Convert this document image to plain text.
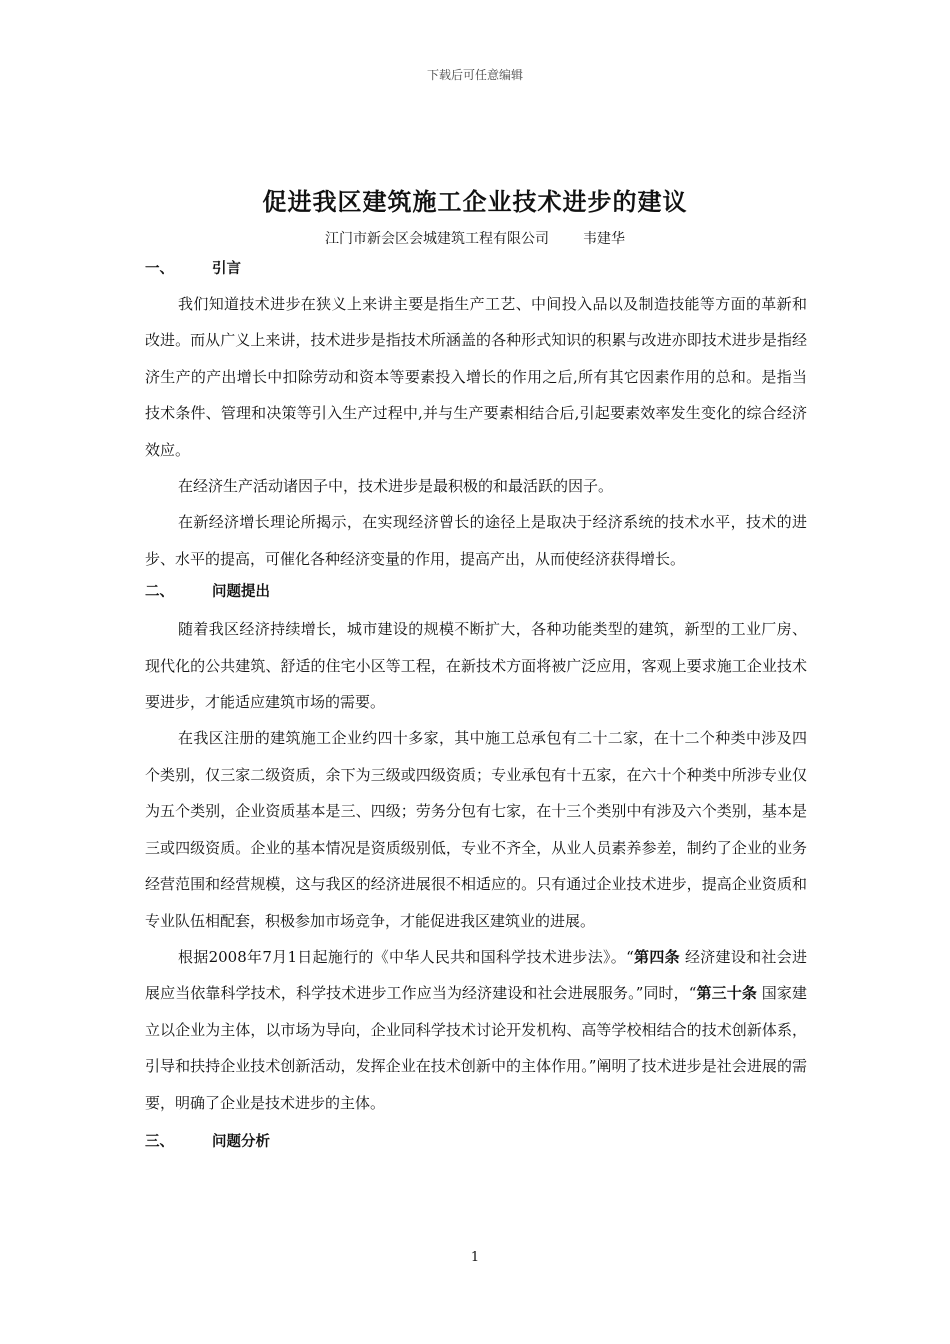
下载后可任意编辑
促进我区建筑施工企业技术进步的建议
江门市新会区会城建筑工程有限公司 韦建华

一、	引言

我们知道技术进步在狭义上来讲主要是指生产工艺、中间投入品以及制造技能等方面的革新和改进。而从广义上来讲，技术进步是指技术所涵盖的各种形式知识的积累与改进亦即技术进步是指经济生产的产出增长中扣除劳动和资本等要素投入增长的作用之后,所有其它因素作用的总和。是指当技术条件、管理和决策等引入生产过程中,并与生产要素相结合后,引起要素效率发生变化的综合经济效应。

在经济生产活动诸因子中，技术进步是最积极的和最活跃的因子。

在新经济增长理论所揭示，在实现经济曾长的途径上是取决于经济系统的技术水平，技术的进步、水平的提高，可催化各种经济变量的作用，提高产出，从而使经济获得增长。

二、	问题提出

随着我区经济持续增长，城市建设的规模不断扩大，各种功能类型的建筑，新型的工业厂房、现代化的公共建筑、舒适的住宅小区等工程，在新技术方面将被广泛应用，客观上要求施工企业技术要进步，才能适应建筑市场的需要。

在我区注册的建筑施工企业约四十多家，其中施工总承包有二十二家，在十二个种类中涉及四个类别，仅三家二级资质，余下为三级或四级资质；专业承包有十五家，在六十个种类中所涉专业仅为五个类别，企业资质基本是三、四级；劳务分包有七家，在十三个类别中有涉及六个类别，基本是三或四级资质。企业的基本情况是资质级别低，专业不齐全，从业人员素养参差，制约了企业的业务经营范围和经营规模，这与我区的经济进展很不相适应的。只有通过企业技术进步，提高企业资质和专业队伍相配套，积极参加市场竞争，才能促进我区建筑业的进展。

根据2008年7月1日起施行的《中华人民共和国科学技术进步法》。“第四条 经济建设和社会进展应当依靠科学技术，科学技术进步工作应当为经济建设和社会进展服务。”同时，“第三十条 国家建立以企业为主体，以市场为导向，企业同科学技术讨论开发机构、高等学校相结合的技术创新体系，引导和扶持企业技术创新活动，发挥企业在技术创新中的主体作用。”阐明了技术进步是社会进展的需要，明确了企业是技术进步的主体。

三、	问题分析

1
